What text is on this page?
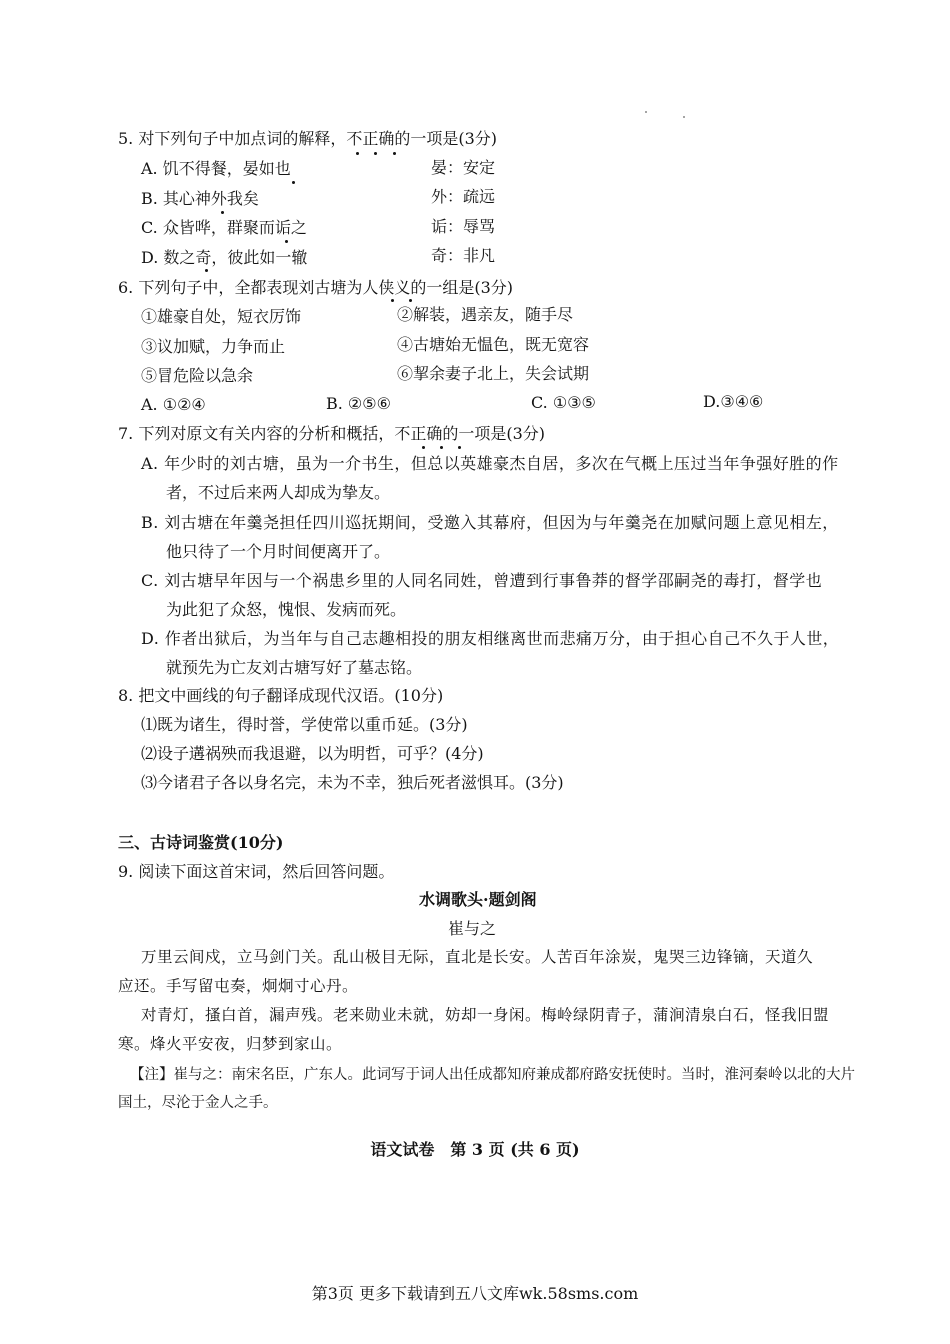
5. 对下列句子中加点词的解释，不正确的一项是(3分)
A. 饥不得餐，晏如也	晏：安定
B. 其心神外我矣	外：疏远
C. 众皆哗，群聚而诟之	诟：辱骂
D. 数之奇，彼此如一辙	奇：非凡
6. 下列句子中，全都表现刘古塘为人侠义的一组是(3分)
①雄豪自处，短衣厉饰	②解装，遇亲友，随手尽
③议加赋，力争而止	④古塘始无愠色，既无宽容
⑤冒危险以急余	⑥挈余妻子北上，失会试期
A. ①②④	B. ②⑤⑥	C. ①③⑤	D.③④⑥
7. 下列对原文有关内容的分析和概括，不正确的一项是(3分)
A. 年少时的刘古塘，虽为一介书生，但总以英雄豪杰自居，多次在气概上压过当年争强好胜的作
者，不过后来两人却成为挚友。
B. 刘古塘在年羹尧担任四川巡抚期间，受邀入其幕府，但因为与年羹尧在加赋问题上意见相左，
他只待了一个月时间便离开了。
C. 刘古塘早年因与一个祸患乡里的人同名同姓，曾遭到行事鲁莽的督学邵嗣尧的毒打，督学也
为此犯了众怒，愧恨、发病而死。
D. 作者出狱后，为当年与自己志趣相投的朋友相继离世而悲痛万分，由于担心自己不久于人世，
就预先为亡友刘古塘写好了墓志铭。
8. 把文中画线的句子翻译成现代汉语。(10分)
⑴既为诸生，得时誉，学使常以重币延。(3分)
⑵设子遘祸殃而我退避，以为明哲，可乎？(4分)
⑶今诸君子各以身名完，未为不幸，独后死者滋惧耳。(3分)
三、古诗词鉴赏(10分)
9. 阅读下面这首宋词，然后回答问题。
水调歌头·题剑阁
崔与之
万里云间戍，立马剑门关。乱山极目无际，直北是长安。人苦百年涂炭，鬼哭三边锋镝，天道久
应还。手写留屯奏，炯炯寸心丹。
对青灯，搔白首，漏声残。老来勋业未就，妨却一身闲。梅岭绿阴青子，蒲涧清泉白石，怪我旧盟
寒。烽火平安夜，归梦到家山。
【注】崔与之：南宋名臣，广东人。此词写于词人出任成都知府兼成都府路安抚使时。当时，淮河秦岭以北的大片
国土，尽沦于金人之手。
语文试卷　第 3 页 (共 6 页)
第3页 更多下载请到五八文库wk.58sms.com
